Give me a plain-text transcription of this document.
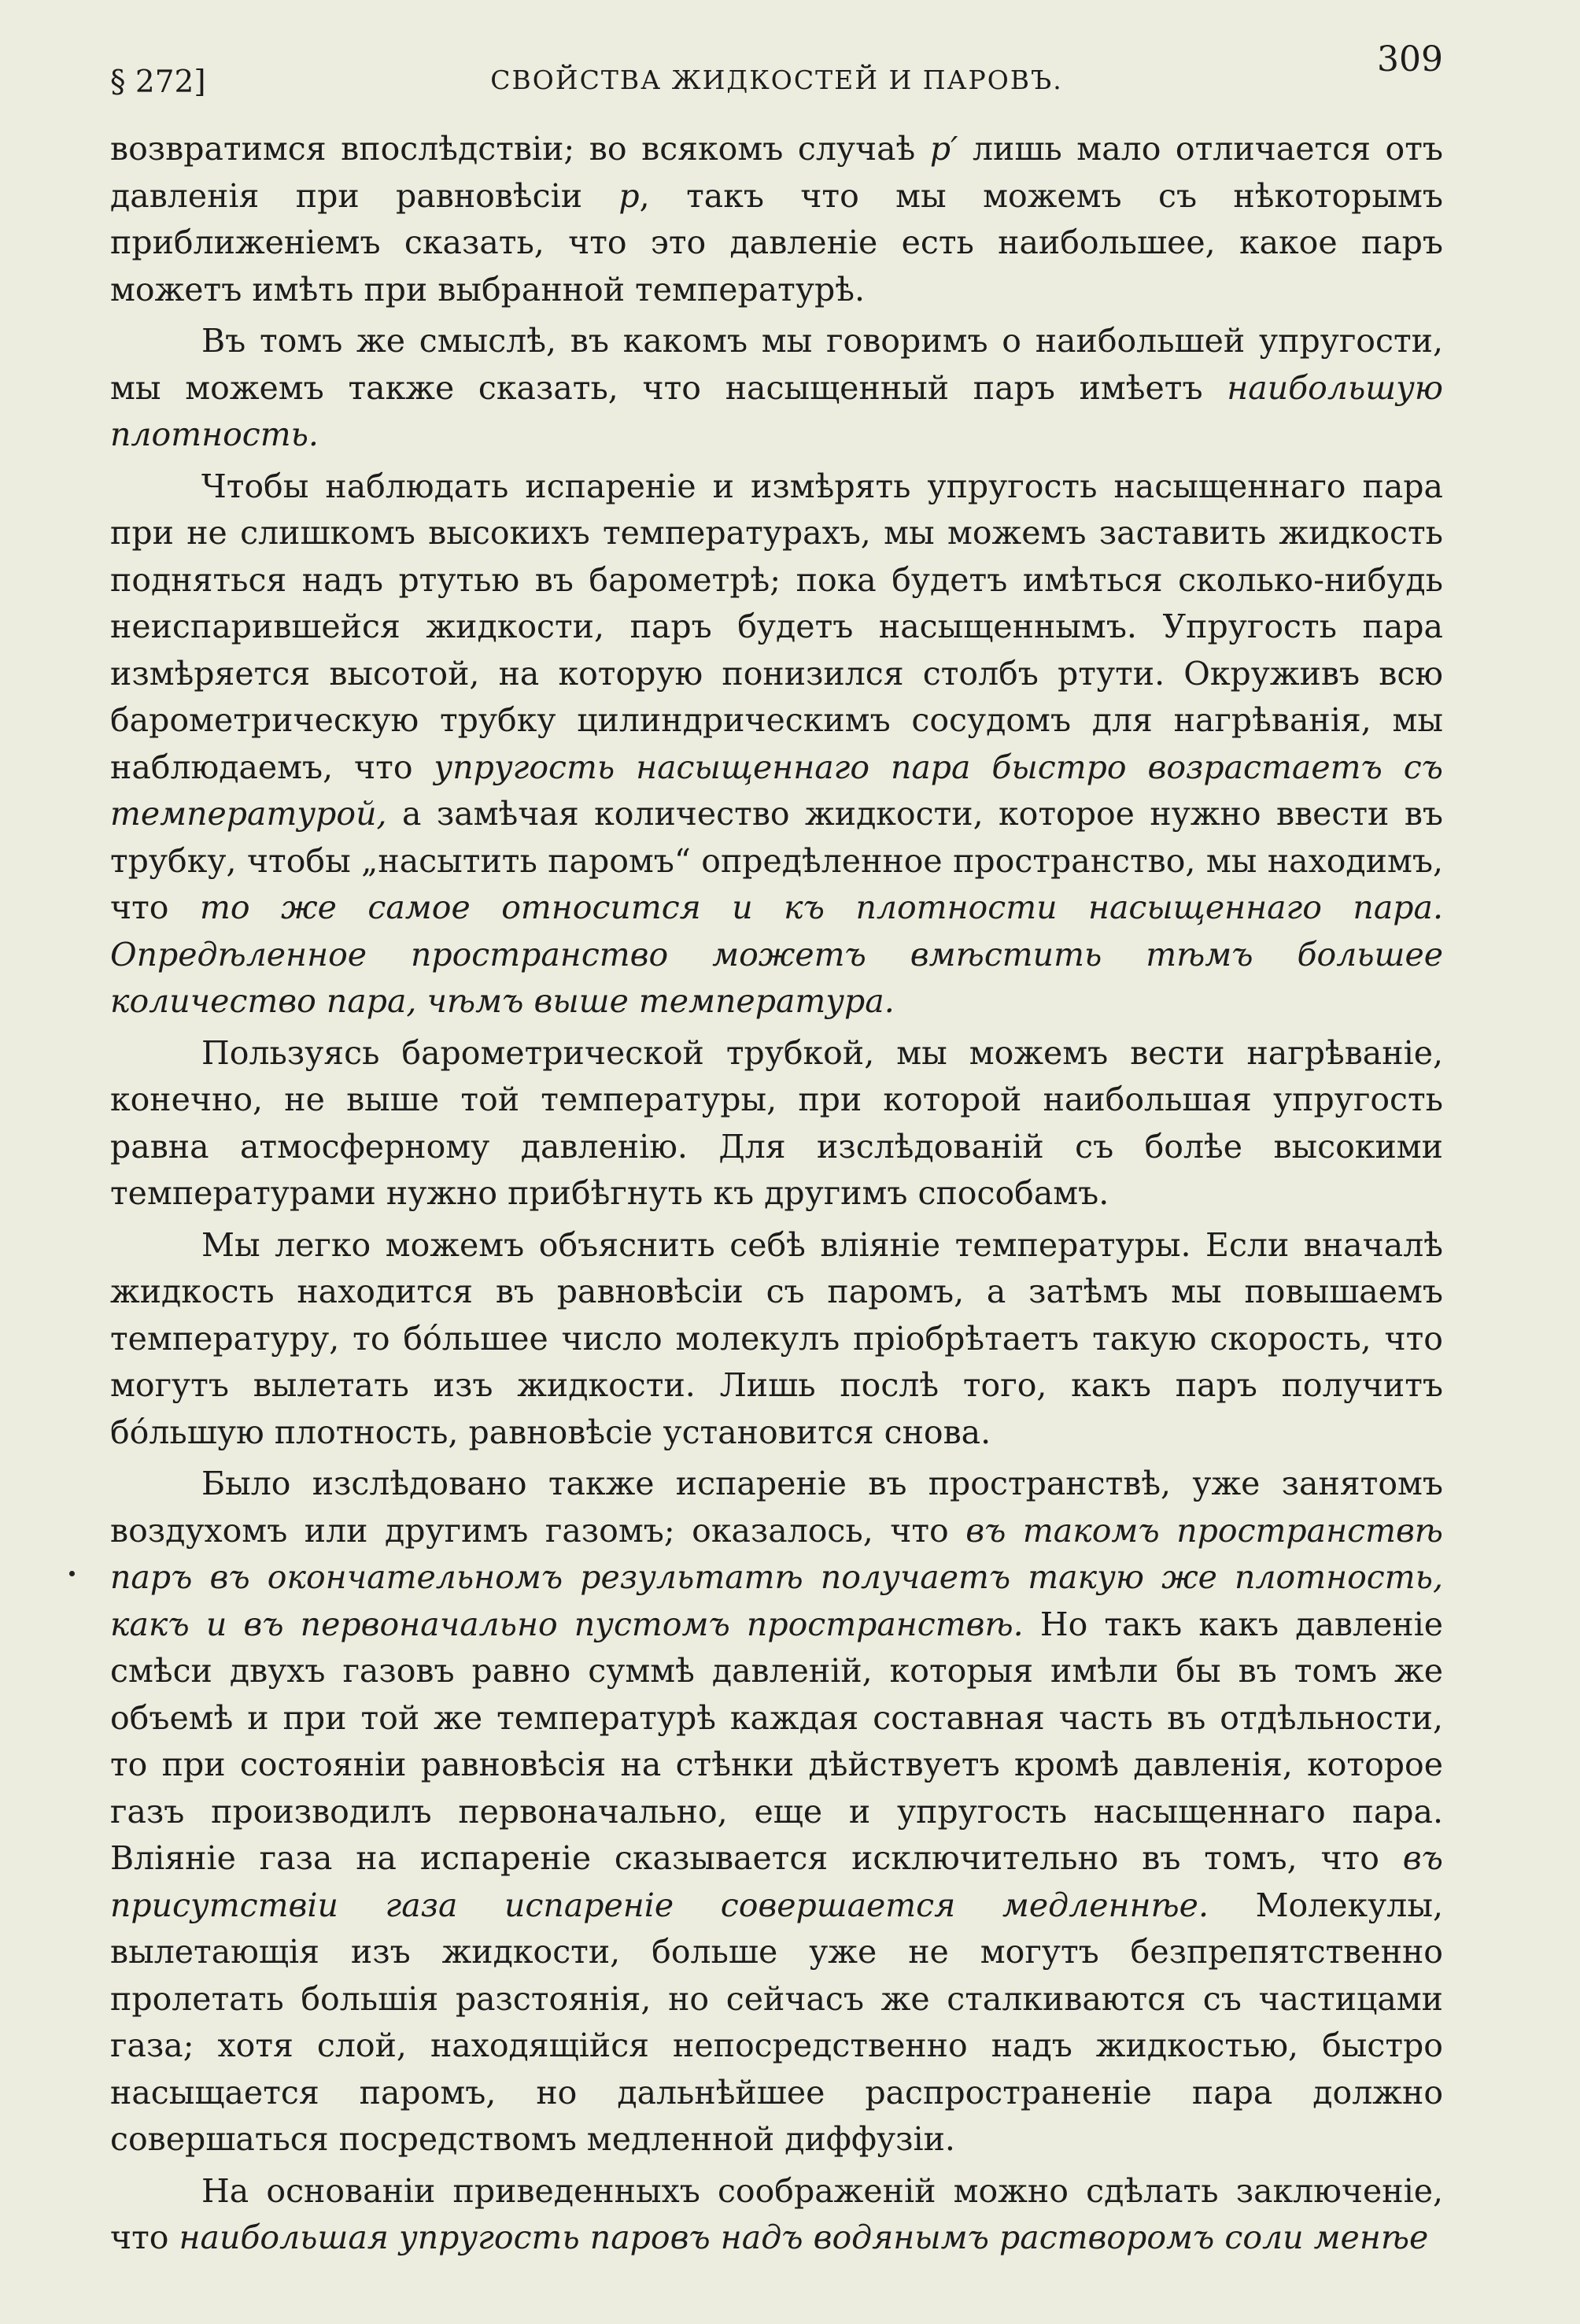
§ 272]	СВОЙСТВА ЖИДКОСТЕЙ И ПАРОВЪ.
309

возвратимся впослѣдствіи; во всякомъ случаѣ p′ лишь мало отличается отъ давленія при равновѣсіи p, такъ что мы можемъ съ нѣкоторымъ приближеніемъ сказать, что это давленіе есть наибольшее, какое паръ можетъ имѣть при выбранной температурѣ.

Въ томъ же смыслѣ, въ какомъ мы говоримъ о наибольшей упругости, мы можемъ также сказать, что насыщенный паръ имѣетъ наибольшую плотность.

Чтобы наблюдать испареніе и измѣрять упругость насыщеннаго пара при не слишкомъ высокихъ температурахъ, мы можемъ заставить жидкость подняться надъ ртутью въ барометрѣ; пока будетъ имѣться сколько-нибудь неиспарившейся жидкости, паръ будетъ насыщеннымъ. Упругость пара измѣряется высотой, на которую понизился столбъ ртути. Окруживъ всю барометрическую трубку цилиндрическимъ сосудомъ для нагрѣванія, мы наблюдаемъ, что упругость насыщеннаго пара быстро возрастаетъ съ температурой, а замѣчая количество жидкости, которое нужно ввести въ трубку, чтобы „насытить паромъ“ опредѣленное пространство, мы находимъ, что то же самое относится и къ плотности насыщеннаго пара. Опредѣленное пространство можетъ вмѣстить тѣмъ большее количество пара, чѣмъ выше температура.

Пользуясь барометрической трубкой, мы можемъ вести нагрѣваніе, конечно, не выше той температуры, при которой наибольшая упругость равна атмосферному давленію. Для изслѣдованій съ болѣе высокими температурами нужно прибѣгнуть къ другимъ способамъ.

Мы легко можемъ объяснить себѣ вліяніе температуры. Если вначалѣ жидкость находится въ равновѣсіи съ паромъ, а затѣмъ мы повышаемъ температуру, то бо́льшее число молекулъ пріобрѣтаетъ такую скорость, что могутъ вылетать изъ жидкости. Лишь послѣ того, какъ паръ получитъ бо́льшую плотность, равновѣсіе установится снова.

Было изслѣдовано также испареніе въ пространствѣ, уже занятомъ воздухомъ или другимъ газомъ; оказалось, что въ такомъ пространствѣ паръ въ окончательномъ результатѣ получаетъ такую же плотность, какъ и въ первоначально пустомъ пространствѣ. Но такъ какъ давленіе смѣси двухъ газовъ равно суммѣ давленій, которыя имѣли бы въ томъ же объемѣ и при той же температурѣ каждая составная часть въ отдѣльности, то при состояніи равновѣсія на стѣнки дѣйствуетъ кромѣ давленія, которое газъ производилъ первоначально, еще и упругость насыщеннаго пара. Вліяніе газа на испареніе сказывается исключительно въ томъ, что въ присутствіи газа испареніе совершается медленнѣе. Молекулы, вылетающія изъ жидкости, больше уже не могутъ безпрепятственно пролетать большія разстоянія, но сейчасъ же сталкиваются съ частицами газа; хотя слой, находящійся непосредственно надъ жидкостью, быстро насыщается паромъ, но дальнѣйшее распространеніе пара должно совершаться посредствомъ медленной диффузіи.

На основаніи приведенныхъ соображеній можно сдѣлать заключеніе, что наибольшая упругость паровъ надъ водянымъ растворомъ соли менѣе
